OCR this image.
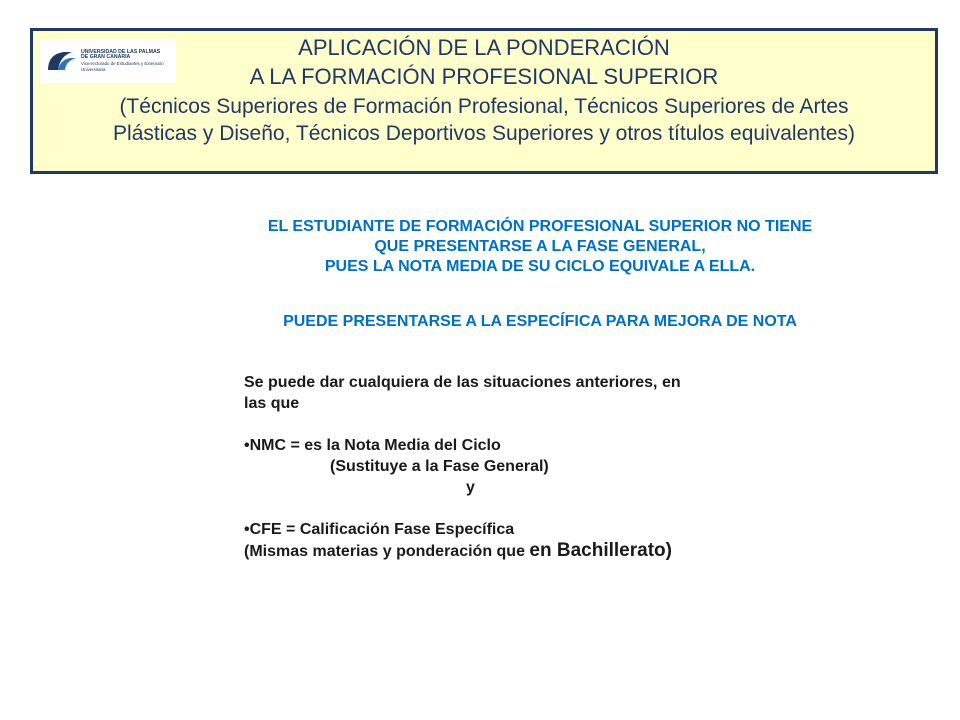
UNIVERSIDAD DE LAS PALMAS
DE GRAN CANARIA
Vicerrectorado de Estudiantes y Extensión Universitaria
APLICACIÓN DE LA PONDERACIÓN
A LA FORMACIÓN PROFESIONAL SUPERIOR
(Técnicos Superiores de Formación Profesional, Técnicos Superiores de Artes
Plásticas y Diseño, Técnicos Deportivos Superiores y otros títulos equivalentes)
EL ESTUDIANTE DE FORMACIÓN PROFESIONAL SUPERIOR NO TIENE
QUE PRESENTARSE A LA FASE GENERAL,
PUES LA NOTA MEDIA DE SU CICLO EQUIVALE A ELLA.
PUEDE PRESENTARSE A LA ESPECÍFICA PARA MEJORA DE NOTA
Se puede dar cualquiera de las situaciones anteriores, en
las que
•NMC = es la Nota Media del Ciclo
(Sustituye a la Fase General)
y
•CFE = Calificación Fase Específica
(Mismas materias y ponderación que en Bachillerato)
